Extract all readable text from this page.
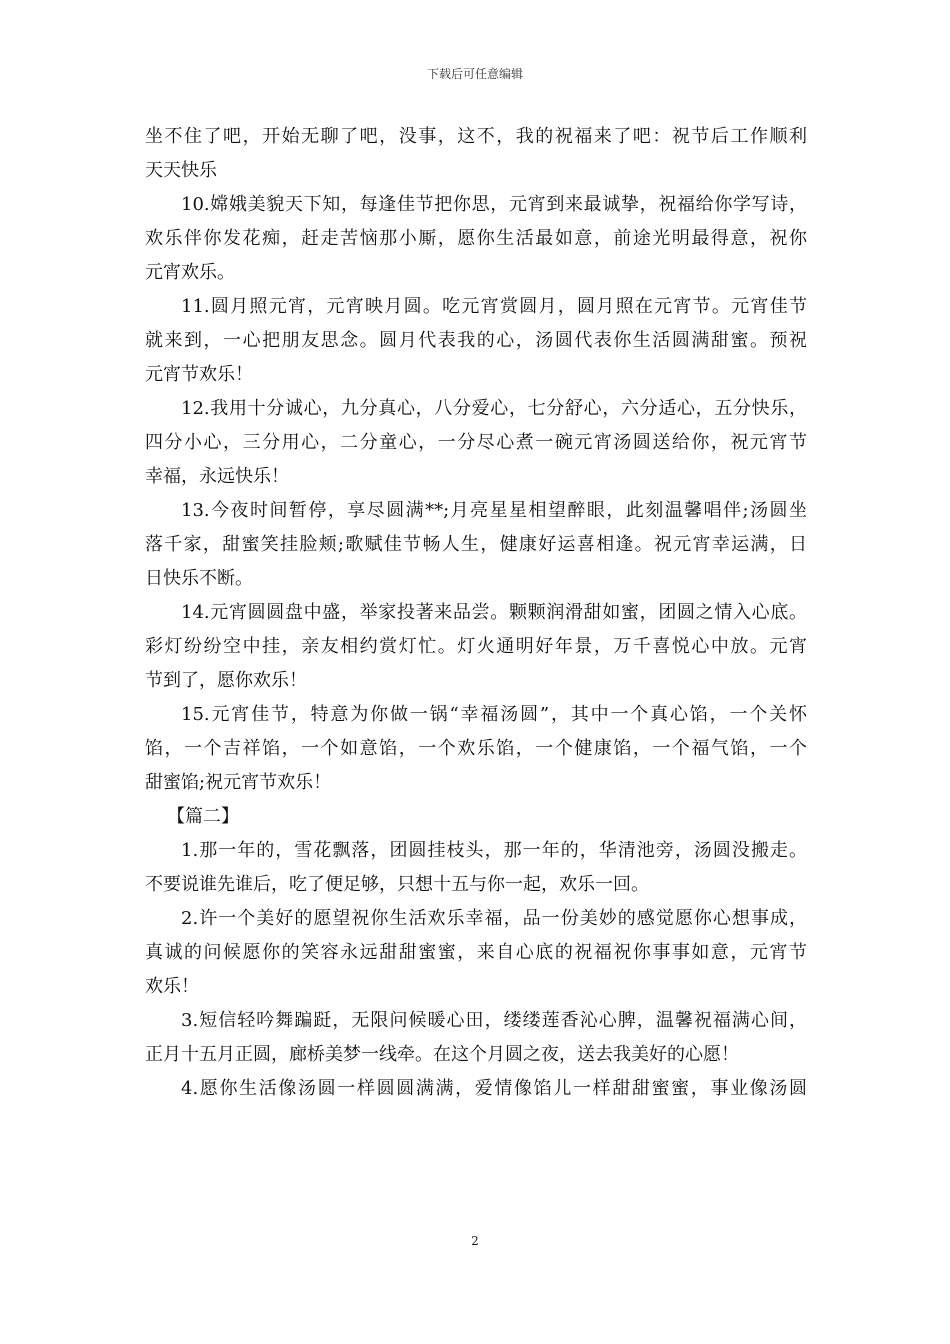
下载后可任意编辑
坐不住了吧，开始无聊了吧，没事，这不，我的祝福来了吧：祝节后工作顺利
天天快乐
10.嫦娥美貌天下知，每逢佳节把你思，元宵到来最诚挚，祝福给你学写诗，
欢乐伴你发花痴，赶走苦恼那小厮，愿你生活最如意，前途光明最得意，祝你
元宵欢乐。
11.圆月照元宵，元宵映月圆。吃元宵赏圆月，圆月照在元宵节。元宵佳节
就来到，一心把朋友思念。圆月代表我的心，汤圆代表你生活圆满甜蜜。预祝
元宵节欢乐！
12.我用十分诚心，九分真心，八分爱心，七分舒心，六分适心，五分快乐，
四分小心，三分用心，二分童心，一分尽心煮一碗元宵汤圆送给你，祝元宵节
幸福，永远快乐！
13.今夜时间暂停，享尽圆满**;月亮星星相望醉眼，此刻温馨唱伴;汤圆坐
落千家，甜蜜笑挂脸颊;歌赋佳节畅人生，健康好运喜相逢。祝元宵幸运满，日
日快乐不断。
14.元宵圆圆盘中盛，举家投著来品尝。颗颗润滑甜如蜜，团圆之情入心底。
彩灯纷纷空中挂，亲友相约赏灯忙。灯火通明好年景，万千喜悦心中放。元宵
节到了，愿你欢乐！
15.元宵佳节，特意为你做一锅“幸福汤圆”，其中一个真心馅，一个关怀
馅，一个吉祥馅，一个如意馅，一个欢乐馅，一个健康馅，一个福气馅，一个
甜蜜馅;祝元宵节欢乐！
【篇二】
1.那一年的，雪花飘落，团圆挂枝头，那一年的，华清池旁，汤圆没搬走。
不要说谁先谁后，吃了便足够，只想十五与你一起，欢乐一回。
2.许一个美好的愿望祝你生活欢乐幸福，品一份美妙的感觉愿你心想事成，
真诚的问候愿你的笑容永远甜甜蜜蜜，来自心底的祝福祝你事事如意，元宵节
欢乐！
3.短信轻吟舞蹁跹，无限问候暖心田，缕缕莲香沁心脾，温馨祝福满心间，
正月十五月正圆，廊桥美梦一线牵。在这个月圆之夜，送去我美好的心愿！
4.愿你生活像汤圆一样圆圆满满，爱情像馅儿一样甜甜蜜蜜，事业像汤圆
2
